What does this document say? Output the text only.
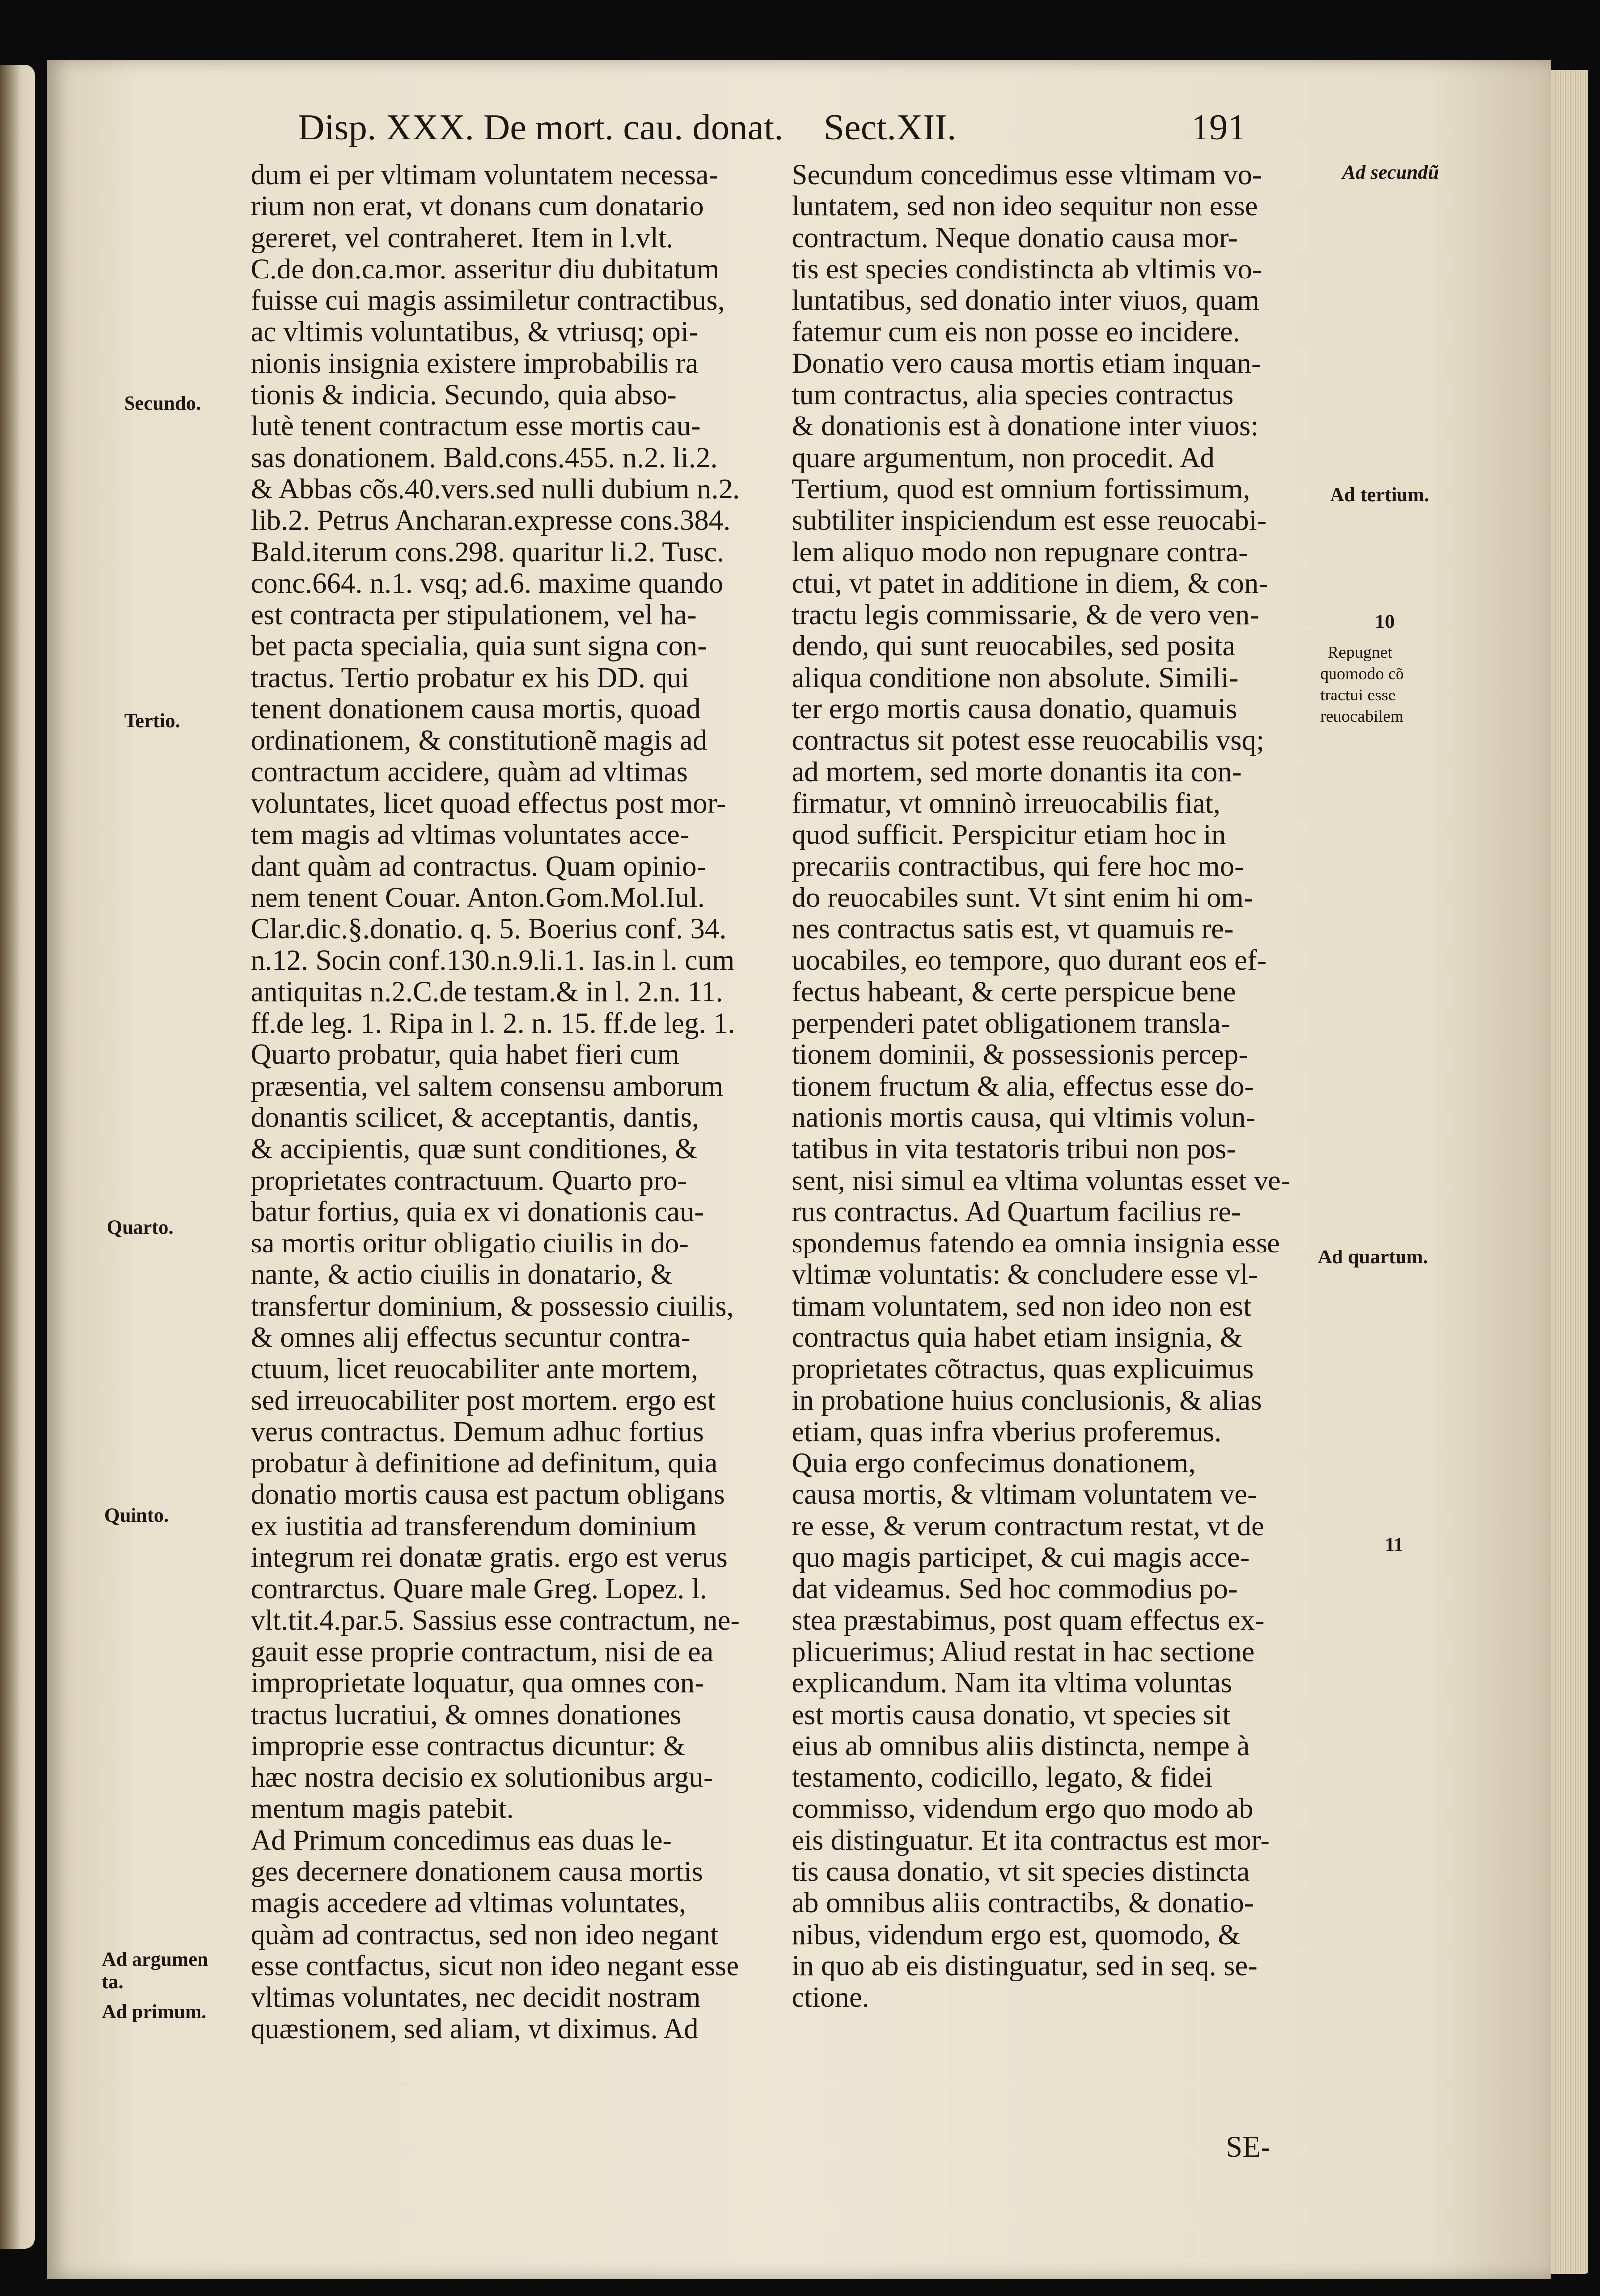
Disp. XXX. De mort. cau. donat. Sect.XII.	191
dum ei per vltimam voluntatem necessa-
rium non erat, vt donans cum donatario
gereret, vel contraheret. Item in l.vlt.
C.de don.ca.mor. asseritur diu dubitatum
fuisse cui magis assimiletur contractibus,
ac vltimis voluntatibus, & vtriusq; opi-
nionis insignia existere improbabilis ra
tionis & indicia. Secundo, quia abso-
lutè tenent contractum esse mortis cau-
sas donationem. Bald.cons.455. n.2. li.2.
& Abbas cõs.40.vers.sed nulli dubium n.2.
lib.2. Petrus Ancharan.expresse cons.384.
Bald.iterum cons.298. quaritur li.2. Tusc.
conc.664. n.1. vsq; ad.6. maxime quando
est contracta per stipulationem, vel ha-
bet pacta specialia, quia sunt signa con-
tractus. Tertio probatur ex his DD. qui
tenent donationem causa mortis, quoad
ordinationem, & constitutionẽ magis ad
contractum accidere, quàm ad vltimas
voluntates, licet quoad effectus post mor-
tem magis ad vltimas voluntates acce-
dant quàm ad contractus. Quam opinio-
nem tenent Couar. Anton.Gom.Mol.Iul.
Clar.dic.§.donatio. q. 5. Boerius conf. 34.
n.12. Socin conf.130.n.9.li.1. Ias.in l. cum
antiquitas n.2.C.de testam.& in l. 2.n. 11.
ff.de leg. 1. Ripa in l. 2. n. 15. ff.de leg. 1.
Quarto probatur, quia habet fieri cum
præsentia, vel saltem consensu amborum
donantis scilicet, & acceptantis, dantis,
& accipientis, quæ sunt conditiones, &
proprietates contractuum. Quarto pro-
batur fortius, quia ex vi donationis cau-
sa mortis oritur obligatio ciuilis in do-
nante, & actio ciuilis in donatario, &
transfertur dominium, & possessio ciuilis,
& omnes alij effectus secuntur contra-
ctuum, licet reuocabiliter ante mortem,
sed irreuocabiliter post mortem. ergo est
verus contractus. Demum adhuc fortius
probatur à definitione ad definitum, quia
donatio mortis causa est pactum obligans
ex iustitia ad transferendum dominium
integrum rei donatæ gratis. ergo est verus
contrarctus. Quare male Greg. Lopez. l.
vlt.tit.4.par.5. Sassius esse contractum, ne-
gauit esse proprie contractum, nisi de ea
improprietate loquatur, qua omnes con-
tractus lucratiui, & omnes donationes
improprie esse contractus dicuntur: &
hæc nostra decisio ex solutionibus argu-
mentum magis patebit.
Ad Primum concedimus eas duas le-
ges decernere donationem causa mortis
magis accedere ad vltimas voluntates,
quàm ad contractus, sed non ideo negant
esse contfactus, sicut non ideo negant esse
vltimas voluntates, nec decidit nostram
quæstionem, sed aliam, vt diximus. Ad
Secundum concedimus esse vltimam vo-
luntatem, sed non ideo sequitur non esse
contractum. Neque donatio causa mor-
tis est species condistincta ab vltimis vo-
luntatibus, sed donatio inter viuos, quam
fatemur cum eis non posse eo incidere.
Donatio vero causa mortis etiam inquan-
tum contractus, alia species contractus
& donationis est à donatione inter viuos:
quare argumentum, non procedit. Ad
Tertium, quod est omnium fortissimum,
subtiliter inspiciendum est esse reuocabi-
lem aliquo modo non repugnare contra-
ctui, vt patet in additione in diem, & con-
tractu legis commissarie, & de vero ven-
dendo, qui sunt reuocabiles, sed posita
aliqua conditione non absolute. Simili-
ter ergo mortis causa donatio, quamuis
contractus sit potest esse reuocabilis vsq;
ad mortem, sed morte donantis ita con-
firmatur, vt omninò irreuocabilis fiat,
quod sufficit. Perspicitur etiam hoc in
precariis contractibus, qui fere hoc mo-
do reuocabiles sunt. Vt sint enim hi om-
nes contractus satis est, vt quamuis re-
uocabiles, eo tempore, quo durant eos ef-
fectus habeant, & certe perspicue bene
perpenderi patet obligationem transla-
tionem dominii, & possessionis percep-
tionem fructum & alia, effectus esse do-
nationis mortis causa, qui vltimis volun-
tatibus in vita testatoris tribui non pos-
sent, nisi simul ea vltima voluntas esset ve-
rus contractus. Ad Quartum facilius re-
spondemus fatendo ea omnia insignia esse
vltimæ voluntatis: & concludere esse vl-
timam voluntatem, sed non ideo non est
contractus quia habet etiam insignia, &
proprietates cõtractus, quas explicuimus
in probatione huius conclusionis, & alias
etiam, quas infra vberius proferemus.
Quia ergo confecimus donationem,
causa mortis, & vltimam voluntatem ve-
re esse, & verum contractum restat, vt de
quo magis participet, & cui magis acce-
dat videamus. Sed hoc commodius po-
stea præstabimus, post quam effectus ex-
plicuerimus; Aliud restat in hac sectione
explicandum. Nam ita vltima voluntas
est mortis causa donatio, vt species sit
eius ab omnibus aliis distincta, nempe à
testamento, codicillo, legato, & fidei
commisso, videndum ergo quo modo ab
eis distinguatur. Et ita contractus est mor-
tis causa donatio, vt sit species distincta
ab omnibus aliis contractibs, & donatio-
nibus, videndum ergo est, quomodo, &
in quo ab eis distinguatur, sed in seq. se-
ctione.
Secundo.
Tertio.
Quarto.
Quinto.
Ad argumen
ta.
Ad primum.
Ad secundũ
Ad tertium.
10
Repugnet
quomodo cõ
tractui esse
reuocabilem
Ad quartum.
11
SE-
